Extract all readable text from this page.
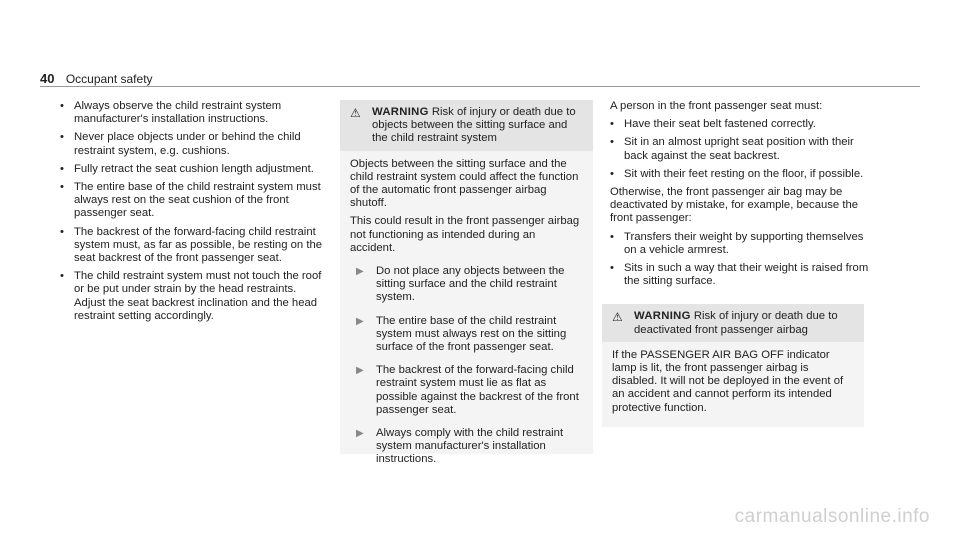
40 Occupant safety
• Always observe the child restraint system manufacturer's installation instructions.
• Never place objects under or behind the child restraint system, e.g. cushions.
• Fully retract the seat cushion length adjustment.
• The entire base of the child restraint system must always rest on the seat cushion of the front passenger seat.
• The backrest of the forward-facing child restraint system must, as far as possible, be resting on the seat backrest of the front passenger seat.
• The child restraint system must not touch the roof or be put under strain by the head restraints. Adjust the seat backrest inclination and the head restraint setting accordingly.
⚠ WARNING Risk of injury or death due to objects between the sitting surface and the child restraint system

Objects between the sitting surface and the child restraint system could affect the function of the automatic front passenger airbag shutoff.

This could result in the front passenger airbag not functioning as intended during an accident.

▶ Do not place any objects between the sitting surface and the child restraint system.
▶ The entire base of the child restraint system must always rest on the sitting surface of the front passenger seat.
▶ The backrest of the forward-facing child restraint system must lie as flat as possible against the backrest of the front passenger seat.
▶ Always comply with the child restraint system manufacturer's installation instructions.

A person in the front passenger seat must:

• Have their seat belt fastened correctly.
• Sit in an almost upright seat position with their back against the seat backrest.
• Sit with their feet resting on the floor, if possible.

Otherwise, the front passenger air bag may be deactivated by mistake, for example, because the front passenger:

• Transfers their weight by supporting themselves on a vehicle armrest.
• Sits in such a way that their weight is raised from the sitting surface.
⚠ WARNING Risk of injury or death due to deactivated front passenger airbag

If the PASSENGER AIR BAG OFF indicator lamp is lit, the front passenger airbag is disabled. It will not be deployed in the event of an accident and cannot perform its intended protective function.

carmanualsonline.info
